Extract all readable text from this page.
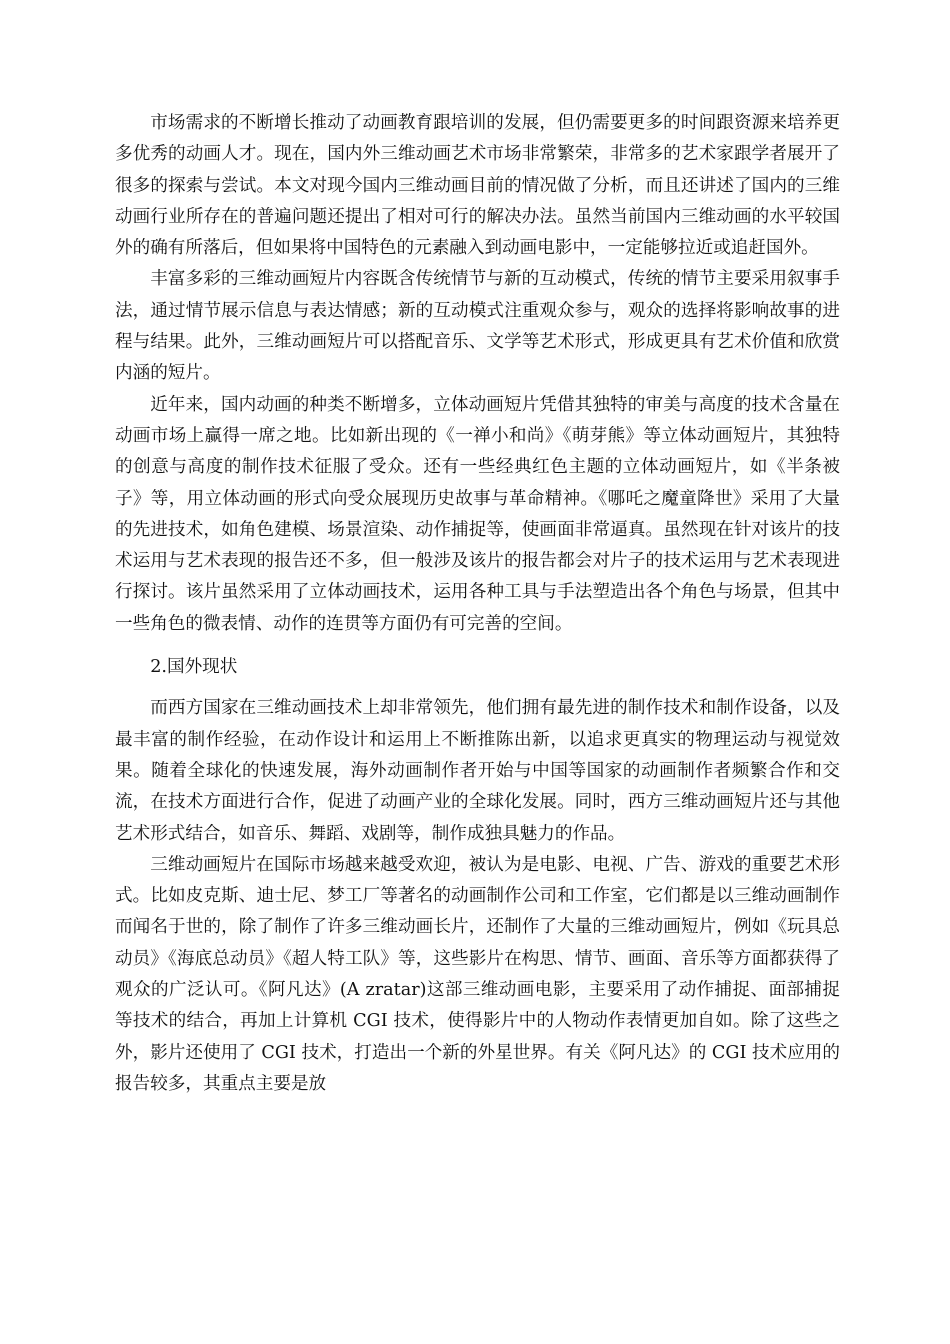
市场需求的不断增长推动了动画教育跟培训的发展，但仍需要更多的时间跟资源来培养更多优秀的动画人才。现在，国内外三维动画艺术市场非常繁荣，非常多的艺术家跟学者展开了很多的探索与尝试。本文对现今国内三维动画目前的情况做了分析，而且还讲述了国内的三维动画行业所存在的普遍问题还提出了相对可行的解决办法。虽然当前国内三维动画的水平较国外的确有所落后，但如果将中国特色的元素融入到动画电影中，一定能够拉近或追赶国外。

丰富多彩的三维动画短片内容既含传统情节与新的互动模式，传统的情节主要采用叙事手法，通过情节展示信息与表达情感；新的互动模式注重观众参与，观众的选择将影响故事的进程与结果。此外，三维动画短片可以搭配音乐、文学等艺术形式，形成更具有艺术价值和欣赏内涵的短片。

近年来，国内动画的种类不断增多，立体动画短片凭借其独特的审美与高度的技术含量在动画市场上赢得一席之地。比如新出现的《一禅小和尚》《萌芽熊》等立体动画短片，其独特的创意与高度的制作技术征服了受众。还有一些经典红色主题的立体动画短片，如《半条被子》等，用立体动画的形式向受众展现历史故事与革命精神。《哪吒之魔童降世》采用了大量的先进技术，如角色建模、场景渲染、动作捕捉等，使画面非常逼真。虽然现在针对该片的技术运用与艺术表现的报告还不多，但一般涉及该片的报告都会对片子的技术运用与艺术表现进行探讨。该片虽然采用了立体动画技术，运用各种工具与手法塑造出各个角色与场景，但其中一些角色的微表情、动作的连贯等方面仍有可完善的空间。

2.国外现状

而西方国家在三维动画技术上却非常领先，他们拥有最先进的制作技术和制作设备，以及最丰富的制作经验，在动作设计和运用上不断推陈出新，以追求更真实的物理运动与视觉效果。随着全球化的快速发展，海外动画制作者开始与中国等国家的动画制作者频繁合作和交流，在技术方面进行合作，促进了动画产业的全球化发展。同时，西方三维动画短片还与其他艺术形式结合，如音乐、舞蹈、戏剧等，制作成独具魅力的作品。

三维动画短片在国际市场越来越受欢迎，被认为是电影、电视、广告、游戏的重要艺术形式。比如皮克斯、迪士尼、梦工厂等著名的动画制作公司和工作室，它们都是以三维动画制作而闻名于世的，除了制作了许多三维动画长片，还制作了大量的三维动画短片，例如《玩具总动员》《海底总动员》《超人特工队》等，这些影片在构思、情节、画面、音乐等方面都获得了观众的广泛认可。《阿凡达》(A zratar)这部三维动画电影，主要采用了动作捕捉、面部捕捉等技术的结合，再加上计算机 CGI 技术，使得影片中的人物动作表情更加自如。除了这些之外，影片还使用了 CGI 技术，打造出一个新的外星世界。有关《阿凡达》的 CGI 技术应用的报告较多，其重点主要是放
